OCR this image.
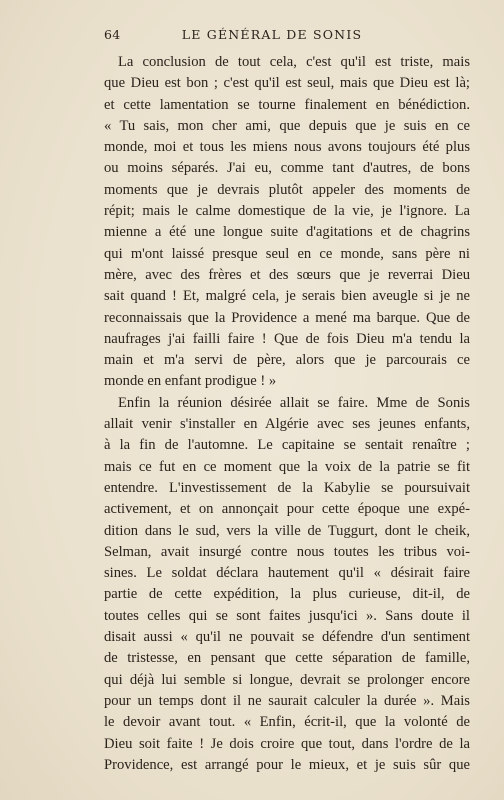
64	LE GÉNÉRAL DE SONIS
La conclusion de tout cela, c'est qu'il est triste, mais
que Dieu est bon ; c'est qu'il est seul, mais que Dieu est là;
et cette lamentation se tourne finalement en bénédiction.
« Tu sais, mon cher ami, que depuis que je suis en ce
monde, moi et tous les miens nous avons toujours été plus
ou moins séparés. J'ai eu, comme tant d'autres, de bons
moments que je devrais plutôt appeler des moments de
répit; mais le calme domestique de la vie, je l'ignore. La
mienne a été une longue suite d'agitations et de chagrins
qui m'ont laissé presque seul en ce monde, sans père ni
mère, avec des frères et des sœurs que je reverrai Dieu
sait quand ! Et, malgré cela, je serais bien aveugle si je ne
reconnaissais que la Providence a mené ma barque. Que de
naufrages j'ai failli faire ! Que de fois Dieu m'a tendu la
main et m'a servi de père, alors que je parcourais ce
monde en enfant prodigue ! »
Enfin la réunion désirée allait se faire. Mme de Sonis
allait venir s'installer en Algérie avec ses jeunes enfants,
à la fin de l'automne. Le capitaine se sentait renaître ;
mais ce fut en ce moment que la voix de la patrie se fit
entendre. L'investissement de la Kabylie se poursuivait
activement, et on annonçait pour cette époque une expé-
dition dans le sud, vers la ville de Tuggurt, dont le cheik,
Selman, avait insurgé contre nous toutes les tribus voi-
sines. Le soldat déclara hautement qu'il « désirait faire
partie de cette expédition, la plus curieuse, dit-il, de
toutes celles qui se sont faites jusqu'ici ». Sans doute il
disait aussi « qu'il ne pouvait se défendre d'un sentiment
de tristesse, en pensant que cette séparation de famille,
qui déjà lui semble si longue, devrait se prolonger encore
pour un temps dont il ne saurait calculer la durée ». Mais
le devoir avant tout. « Enfin, écrit-il, que la volonté de
Dieu soit faite ! Je dois croire que tout, dans l'ordre de la
Providence, est arrangé pour le mieux, et je suis sûr que
